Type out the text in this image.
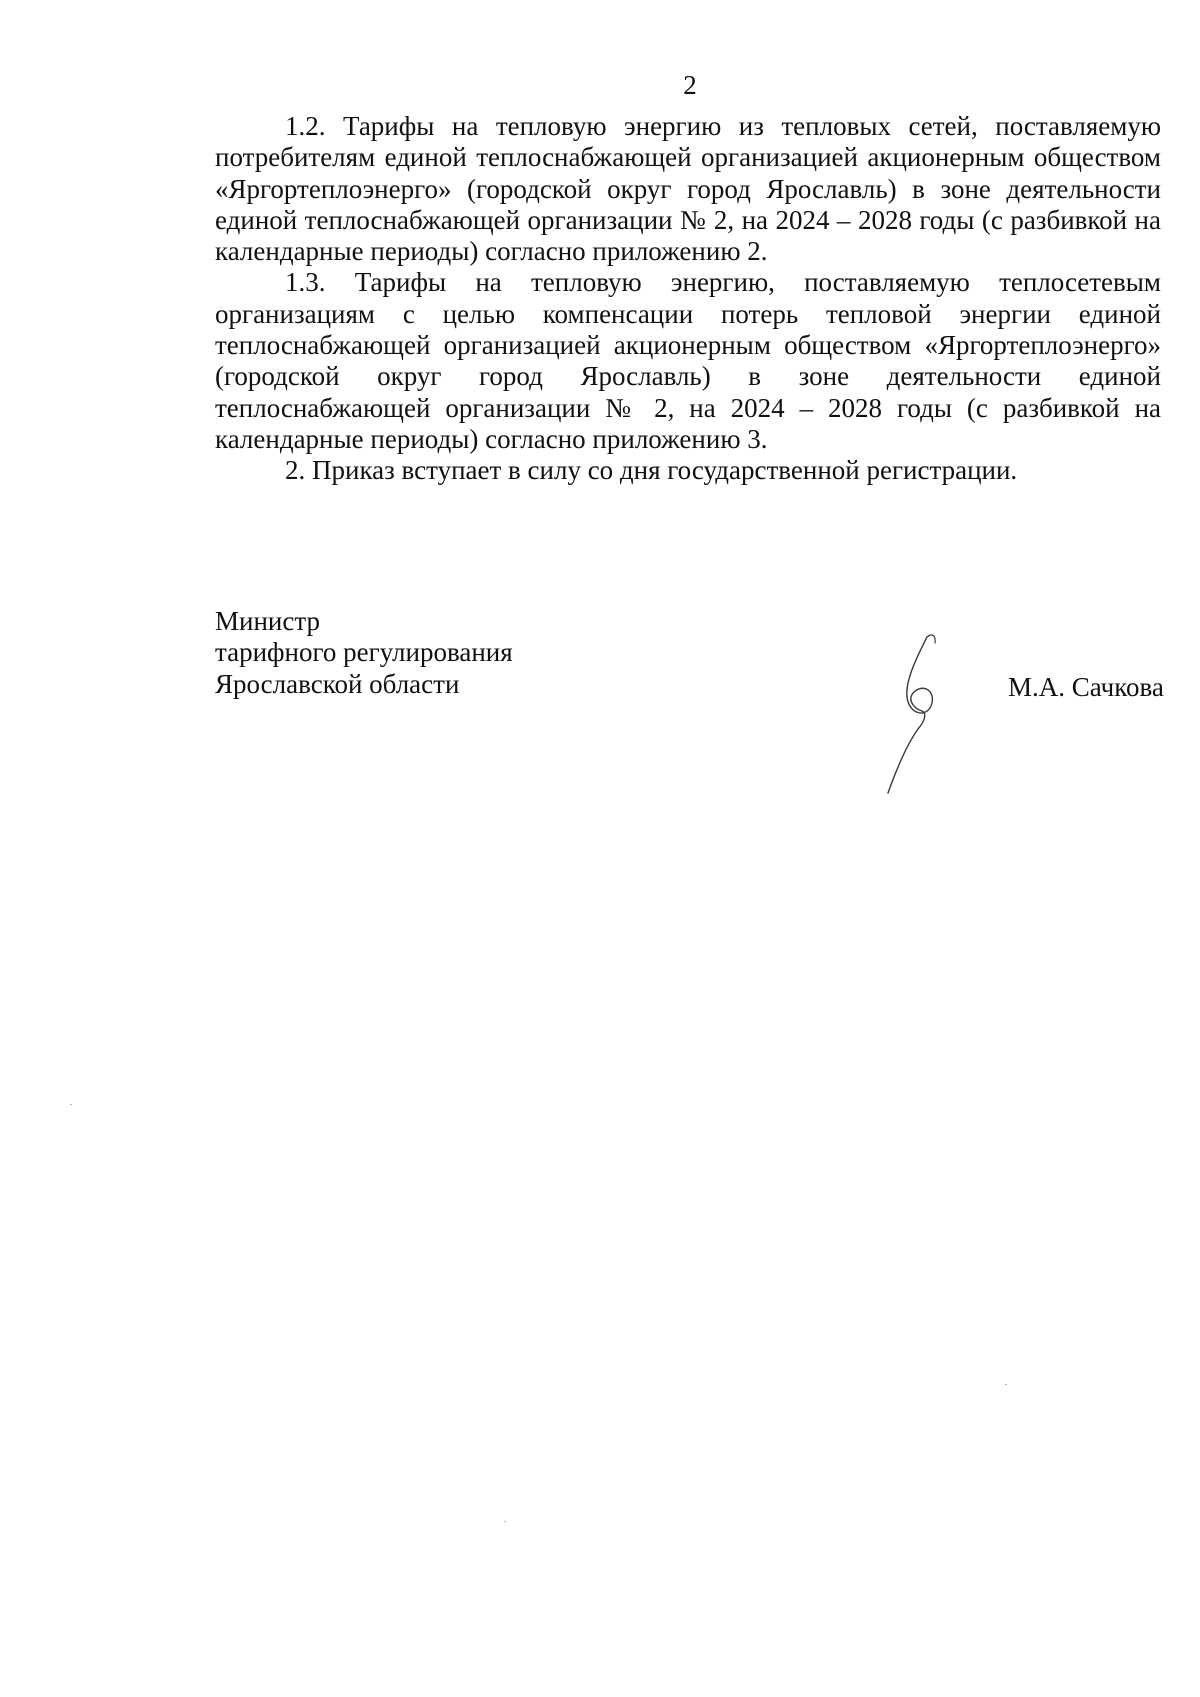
2

1.2. Тарифы на тепловую энергию из тепловых сетей, поставляемую потребителям единой теплоснабжающей организацией акционерным обществом «Яргортеплоэнерго» (городской округ город Ярославль) в зоне деятельности единой теплоснабжающей организации № 2, на 2024 – 2028 годы (с разбивкой на календарные периоды) согласно приложению 2.

1.3. Тарифы на тепловую энергию, поставляемую теплосетевым организациям с целью компенсации потерь тепловой энергии единой теплоснабжающей организацией акционерным обществом «Яргортеплоэнерго» (городской округ город Ярославль) в зоне деятельности единой теплоснабжающей организации № 2, на 2024 – 2028 годы (с разбивкой на календарные периоды) согласно приложению 3.

2. Приказ вступает в силу со дня государственной регистрации.

Министр
тарифного регулирования
Ярославской области	М.А. Сачкова
